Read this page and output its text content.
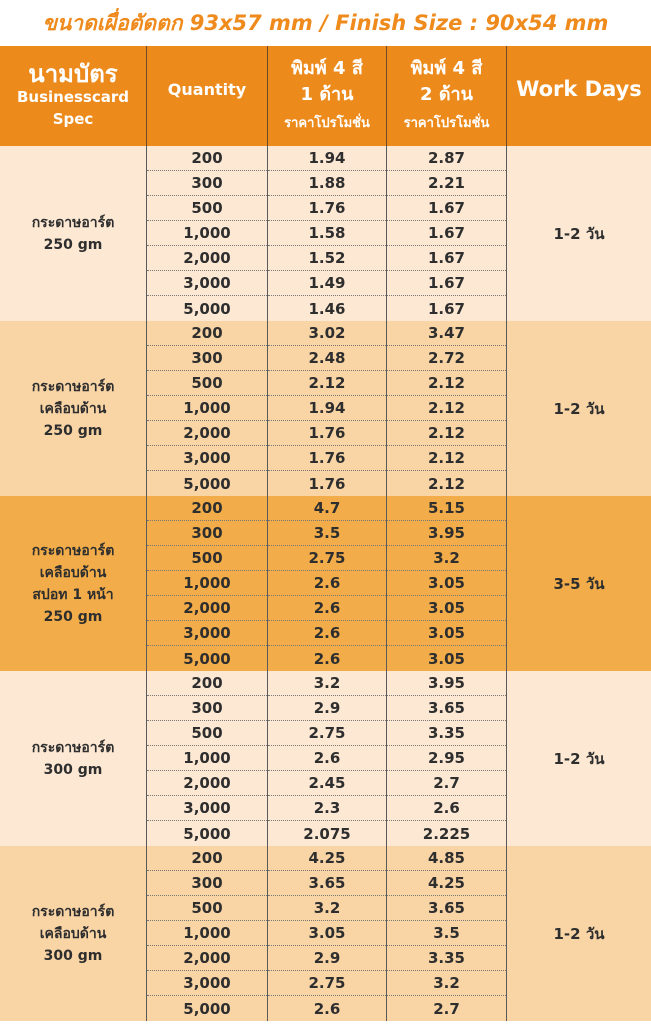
ขนาดเผื่อตัดตก 93x57 mm / Finish Size : 90x54 mm
นามบัตร
Businesscard
Spec
Quantity
พิมพ์ 4 สี
1 ด้าน
ราคาโปรโมชั่น
พิมพ์ 4 สี
2 ด้าน
ราคาโปรโมชั่น
Work Days
กระดาษอาร์ต
250 gm
200
300
500
1,000
2,000
3,000
5,000
1.94
1.88
1.76
1.58
1.52
1.49
1.46
2.87
2.21
1.67
1.67
1.67
1.67
1.67
1-2 วัน
กระดาษอาร์ต
เคลือบด้าน
250 gm
200
300
500
1,000
2,000
3,000
5,000
3.02
2.48
2.12
1.94
1.76
1.76
1.76
3.47
2.72
2.12
2.12
2.12
2.12
2.12
1-2 วัน
กระดาษอาร์ต
เคลือบด้าน
สปอท 1 หน้า
250 gm
200
300
500
1,000
2,000
3,000
5,000
4.7
3.5
2.75
2.6
2.6
2.6
2.6
5.15
3.95
3.2
3.05
3.05
3.05
3.05
3-5 วัน
กระดาษอาร์ต
300 gm
200
300
500
1,000
2,000
3,000
5,000
3.2
2.9
2.75
2.6
2.45
2.3
2.075
3.95
3.65
3.35
2.95
2.7
2.6
2.225
1-2 วัน
กระดาษอาร์ต
เคลือบด้าน
300 gm
200
300
500
1,000
2,000
3,000
5,000
4.25
3.65
3.2
3.05
2.9
2.75
2.6
4.85
4.25
3.65
3.5
3.35
3.2
2.7
1-2 วัน
